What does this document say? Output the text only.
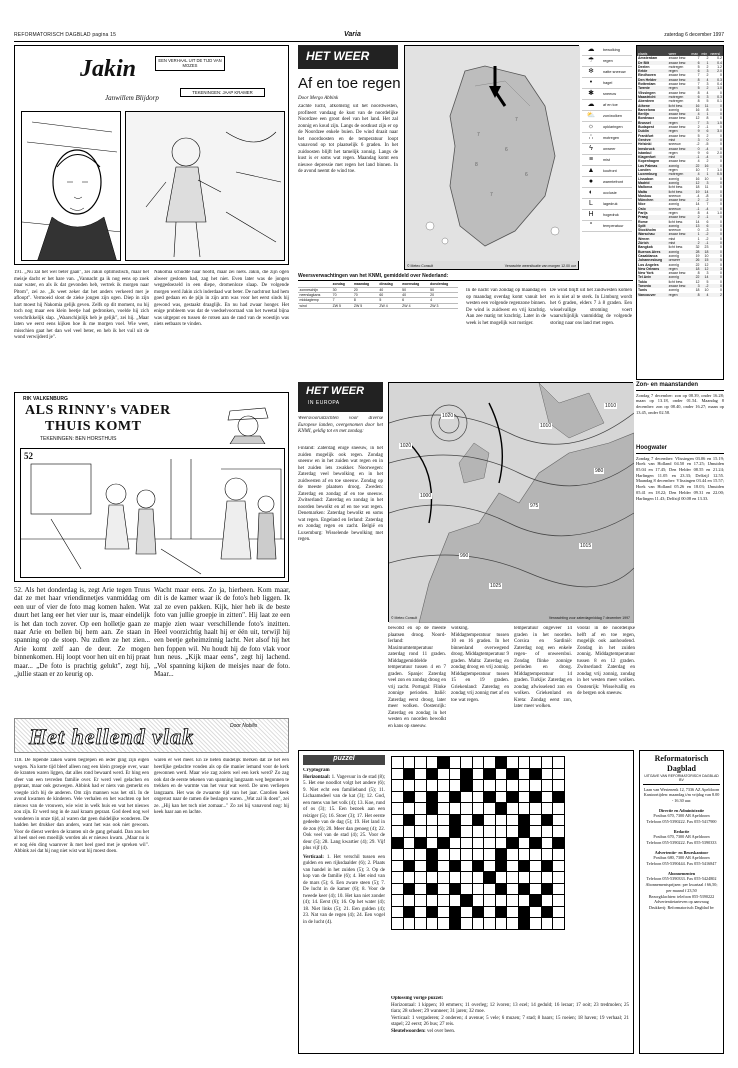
REFORMATORISCH DAGBLAD pagina 15	Varia	zaterdag 6 december 1997
Jakin	EEN VERHAAL UIT DE TIJD VAN MOZES
Janwillem Blijdorp
TEKENINGEN: JAAP KRAMER
191. „Nu zal het wel beter gaan", zei Jakin optimistisch, maar het meisje dacht er het hare van. „Vannacht ga ik nog eens op zoek naar water, en als ik dat gevonden heb, vertrek ik morgen naar Pitom", zei ze. „Ik weet zeker dat het anders verkeerd met je afloopt". Vermoeid sloot de zieke jongen zijn ogen. Diep in zijn hart moest hij Nakomia gelijk geven. Zelfs op dit moment, nu hij toch nog maar een klein beetje had gedronken, voelde hij zich verschrikkelijk slap. „Waarschijnlijk heb je gelijk", zei hij. „Maar laten we eerst eens kijken hoe ik me morgen voel. Wie weet, misschien gaat het dan wel veel beter, en heb ik het vuil uit de wond verwijderd je".
Nakomia schudde haar hoofd, maar zei niets. Jakin, die zijn ogen alweer gesloten had, zag het niet. Even later was de jongen weggedoezeld in een diepe, dromenloze slaap. De volgende morgen werd Jakin zich inderdaad wat beter. De nachtrust had hem goed gedaan en de pijn in zijn arm was voor het eerst sinds hij gewond was, gestaakt draaglijk. En nu had zwaar honger. Het enige probleem was dat de voedselvoorraad van het tweetal bijna was uitgeput en tussen de rotsen aan de rand van de woestijn was niets eetbaars te vinden.
RIK VALKENBURG
ALS RINNY's VADER
THUIS KOMT
TEKENINGEN: BEN HORSTHUIS
52
52. Als het donderdag is, zegt Arie tegen Truus dat ze met haar vriendinnetjes vanmiddag om een uur of vier de foto mag komen halen. Wat duurt het lang eer het vier uur is, maar eindelijk is het dan toch zover. Op een holletje gaan ze naar Arie en bellen bij hem aan. Ze staan in spanning op de stoep. Nu zullen ze het zien... Arie komt zelf aan de deur. Ze mogen binnenkomen. Hij loopt voor hen uit en hij praat maar... „De foto is prachtig gelukt", zegt hij, „jullie staan er zo keurig op.
Wacht maar eens. Zo ja, hierheen. Kom maar, dit is de kamer waar ik de foto's heb liggen. Ik zal ze even pakken. Kijk, hier heb ik de beste foto van jullie groepje in zitten". Hij laat ze een mapje zien waar verschillende foto's inzitten. Heel voorzichtig haalt hij er één uit, terwijl hij een beetje geheimzinnig lacht. Net alsof hij het hen foppen wil. Nu houdt hij de foto vlak voor hun neus. „Kijk maar eens", zegt hij lachend. „Vol spanning kijken de meisjes naar de foto. Maar...
Het hellend vlak	Door Nobilis
118. De lopende zaken waren begrepen en ieder ging zijn eigen wegen. Na korte tijd bleef alleen nog een klein groepje over, waar de kranten waren liggen, dat alles rond bewaard werd. Er hing een sfeer van een tevreden familie over. Er werd veel gelachen en gepraat, maar ook gezwegen. Abbink had er niets van gemerkt en voegde zich bij de anderen. Om zijn mannen was het stil. In de avond kwamen de kinderen. Vele verhalen en het wachten op het nieuws van de vrouwen, wie wist in welk huis en wat het nieuws zou zijn. Er werd nog in de zaal kraam gepraat. God deed nog wel wonderen in onze tijd, al waren dat geen duidelijke wonderen. De hadden het drukker dan anders, want het was ook niet gewoon. Voor de dienst werden de kranten uit de gang gehaald. Dan zou het al heel snel een moeilijk worden als er nieuws kwam. „Maar nu is er nog één ding waarover ik met heel goed met je spreken wil". Abbink zei dat hij nog niet wist wat hij moest doen.
waren er wel meer. En ze lieten duidelijk merken dat ze het een heerlijke gedachte vonden als op die manier iemand voor de kerk gewonnen werd. Maar wie zag zoiets wel een kerk werd? Zo zag ook dat de eerste tekenen van spanning langzaam weg begonnen te trekken en de warmte van het vuur wat werd. De uren verliepen langzaam. Het was de zwaarste tijd van het jaar. Carolien keek ongerust naar de ramen die beslagen waren. „Wat zal ik doen", zei ze. „Hij kan het toch niet zomaar..." Zo zei hij vanavond nog: hij keek haar aan en lachte.
HET WEER
Af en toe regen
Door Mergo Abbink
Zachte lucht, afkomstig uit het noordwesten, profiteert vandaag de kust van de noordelijke Noordzee een groot deel van het land. Het zal zonnig en koud zijn. Langs de oostkust zijn er op de Noordzee enkele buien. De wind draait naar het noordoosten en de temperatuur loopt vanavond op tot plaatselijk 6 graden. In het zuidoosten blijft het tamelijk zonnig. Langs de kust is er soms wat regen. Maandag komt een nieuwe depressie met regen het land binnen. In de avond neemt de wind toe.
7
6
6
7
8
7
© Meteo Consult	Verwachte weersituatie van morgen 12.00 uur
☁	bewolking
☂	regen
❄	natte sneeuw
•	hagel
✱	sneeuw
☁	af en toe
⛅	zon/wolken
☼	opklaringen
∴	motregen
ϟ	onweer
≡	mist
▲	koufront
●	warmtefront
◐	occlusie
L	lagedruk
H	hogedruk
°	temperatuur
plaats	weer	max	min	neersl
Amsterdam	zwaar bew.	7	2	0.2
De Bilt	zwaar bew.	6	1	0.4
Deelen	motregen	5	2	1.2
Eelde	regen	6	3	2.0
Eindhoven	zwaar bew.	7	2	0
Den Helder	zwaar bew.	8	4	0.3
Rotterdam	zwaar bew.	7	3	0.4
Twente	regen	5	2	1.0
Vlissingen	zwaar bew.	8	4	0
Maastricht	motregen	6	3	0.3
Aberdeen	motregen	8	5	0.1
Athene	licht bew.	16	11	0
Barcelona	zonnig	16	8	0
Berlijn	zwaar bew.	4	1	0
Bordeaux	zwaar bew.	12	8	0
Brussel	regen	7	3	1.5
Budapest	zwaar bew.	2	-1	0
Dublin	regen	9	6	3.0
Frankfurt	zwaar bew.	5	2	0
Genève	mist	3	0	0
Helsinki	sneeuw	-2	-5	0
Innsbruck	zwaar bew.	0	-4	0
Istanbul	regen	9	6	2.0
Klagenfurt	mist	-1	-4	0
Kopenhagen	zwaar bew.	4	2	0
Las Palmas	zonnig	22	16	0
Londen	regen	10	7	1.0
Luxemburg	motregen	4	1	0.5
Lissabon	zonnig	16	10	0
Madrid	zonnig	12	3	0
Mallorca	licht bew.	18	11	0
Malta	licht bew.	19	14	0
Moskou	sneeuw	-4	-8	0
München	zwaar bew.	2	-2	0
Nice	zonnig	14	7	0
Oslo	sneeuw	-1	-4	0
Parijs	regen	8	4	1.0
Praag	zwaar bew.	2	-1	0
Rome	licht bew.	14	6	0
Split	zonnig	13	6	0
Stockholm	sneeuw	0	-3	0
Warschau	zwaar bew.	1	-2	0
Wenen	mist	1	-2	0
Zürich	mist	2	-1	0
Bangkok	licht bew.	32	23	0
Buenos Aires	zonnig	28	18	0
Casablanca	zonnig	19	10	0
Johannesburg	onweer	26	15	5
Los Angeles	zonnig	22	12	0
New Orleans	regen	18	12	3
New York	zwaar bew.	8	3	0
Tel Aviv	zonnig	22	14	0
Tokio	licht bew.	12	5	0
Toronto	zwaar bew.	3	-2	0
Tunis	zonnig	18	10	0
Vancouver	regen	8	4	2
Weersverwachtingen van het KNMI, gemiddeld over Nederland:
	zondag	maandag	dinsdag	woensdag	donderdag
zonneschijn	30	20	40	50	50
neerslagkans	70	70	60	40	20
middagtemp	7	8	5	6	4
wind	ZW 5	ZW 5	ZW 4	ZW 4	ZW 3
In de nacht van zondag op maandag en op maandag overdag komt vanuit het westen een volgende regenzone binnen. De wind is zuidwest en vrij krachtig. Aan zee matig tot krachtig. Later in de week is het mogelijk wat rustiger.
De wind blijft uit het zuidwesten komen en is niet al te sterk. In Limburg wordt het 6 graden, elders 7 à 8 graden. Een wisselvallige stroming voert waarschijnlijk vanmiddag de volgende storing naar ons land met regen.
HET WEER
IN EUROPA
Weersvooruitzichten voor diverse Europese landen, overgenomen door het KNMI, geldig tot en met zondag:
Finland: Zaterdag enige sneeuw, in het zuiden mogelijk ook regen. Zondag sneeuw en in het zuiden wat regen en in het zuiden iets zwakker. Noorwegen: Zaterdag veel bewolking en in het zuidwesten af en toe sneeuw. Zondag op de meeste plaatsen droog. Zweden: Zaterdag en zondag af en toe sneeuw. Zwitserland: Zaterdag en zondag in het noorden bewolkt en af en toe wat regen. Denemarken: Zaterdag bewolkt en soms wat regen. Engeland en Ierland: Zaterdag en zondag regen en zacht. België en Luxemburg: Wisselende bewolking met regen.
1020
1010
1000
990
980
975
1015
1025
1020
1010
© Meteo Consult	Verwachting voor zaterdagmiddag 7 december 1997
Zon- en maanstanden
Zondag 7 december: zon op 08.39, onder 16.28; maan op 13.18, onder 01.54. Maandag 8 december: zon op 08.40, onder 16.27; maan op 13.45, onder 02.58.
Hoogwater
Zondag 7 december: Vlissingen 03.06 en 15.19; Hoek van Holland 04.50 en 17.25; IJmuiden 05.04 en 17.45; Den Helder 08.55 en 21.24; Harlingen 11.05 en 23.33; Delfzijl 12.55. Maandag 8 december: Vlissingen 03.44 en 15.57; Hoek van Holland 05.26 en 18.03; IJmuiden 05.41 en 18.22; Den Helder 09.31 en 22.00; Harlingen 11.43; Delfzijl 00.08 en 13.33.
bewolkt en op de meeste plaatsen droog. Noord-Ierland: Maximumtemperatuur zaterdag rond 11 graden. Middaggemiddelde temperatuur tussen 4 en 7 graden. Spanje: Zaterdag veel zon en zondag droog en vrij zacht. Portugal: Flinke zonnige perioden. Italië: Zaterdag eerst droog, later meer wolken. Oostenrijk: Zaterdag en zondag in het westen en noorden bewolkt en kans op sneeuw.
wolking. Middagtemperatuur tussen 10 en 16 graden. In het binnenland overwegend droog. Middagtemperatuur 9 graden. Malta: Zaterdag en zondag droog en vrij zonnig. Middagtemperatuur tussen 15 en 19 graden. Griekenland: Zaterdag en zondag vrij zonnig met af en toe wat regen.
temperatuur ongeveer 14 graden in het noorden. Corsica en Sardinië: Zaterdag nog een enkele regen- of onweersbui. Zondag flinke zonnige perioden en droog. Middagtemperatuur 14 graden. Turkije: Zaterdag en zondag afwisselend zon en wolken. Griekenland en Kreta: Zondag eerst zon, later meer wolken.
vooral in de noordelijke helft af en toe regen, mogelijk ook aanhoudend. Zondag in het zuiden zonnig. Middagtemperatuur tussen 8 en 12 graden. Zwitserland: Zaterdag en zondag vrij zonnig, zondag in het westen meer wolken. Oostenrijk: Wisselvallig en de bergen ook sneeuw.
puzzel
Cryptogram
Horizontaal: 1. Vagevuur in de stad (8); 5. Het ene noodlot volgt het andere (6); 9. Niet echt een familieband (5); 11. Lichaamsdeel van de kat (3); 12. God, een mens van het volk (4); 13. Koe, rund of os (3); 15. Een bezoek aan een reiziger (5); 16. Stoer (3); 17. Het eerste gedeelte van de dag (5); 19. Het land in de zon (6); 20. Meer dan genoeg (4); 22. Ook veel van de stad (4); 25. Voor de deur (5); 28. Lang kwartier (4); 29. Vijf plus vijf (4).
Verticaal: 1. Het verschil tussen een gulden en een rijksdaalder (6); 2. Plaats van handel in het zuiden (5); 3. Op de kop van de familie (6); 4. Het eind van de mars (5); 6. Een zware steen (5); 7. De lucht in de kamer (6); 8. Voor de tweede keer (4); 10. Het kan niet zonder (4); 14. Eerst (6); 16. Op het water (4); 18. Niet links (5); 21. Een gulden (4); 23. Nat van de regen (4); 24. Een vogel in de lucht (4).

Oplossing vorige puzzel:
Horizontaal: 1 kippen; 10 emmers; 11 overleg; 12 ivoren; 13 ezel; 14 geduld; 16 leraar; 17 ooit; 23 tredmolen; 25 tiara; 28 scheer; 29 wanneer; 31 jaren; 32 moe.
Verticaal: 1 vergaderen; 2 onderen; 4 avenue; 5 vele; 6 muzen; 7 stad; 8 baars; 15 roeien; 18 haven; 19 verhaal; 21 stapel; 22 eerst; 26 bus; 27 reis.
Sleutelwoorden: vel over been.
Reformatorisch Dagblad
UITGAVE VAN REFORMATORISCH DAGBLAD BV
Laan van Westenenk 12, 7336 AZ Apeldoorn
Kantoortijden: maandag t/m vrijdag van 8.00 - 16.30 uur.
Directie en Administratie
Postbus 670, 7300 AR Apeldoorn
Telefoon 055-5390222. Fax 055-5417900
Redactie
Postbus 670, 7300 AR Apeldoorn
Telefoon 055-5390222. Fax 055-5390333
Advertentie- en Beurskantoor
Postbus 680, 7300 AR Apeldoorn
Telefoon 055-5390444. Fax 055-5416847
Abonnementen
Telefoon 055-5390333. Fax 055-5424802
Abonnementsprijzen: per kwartaal f 66,50; per maand f 23,50
Bezorgklachten: telefoon 055-5390222
Advertentietarieven op aanvraag
Drukkerij: Reformatorisch Dagblad bv
